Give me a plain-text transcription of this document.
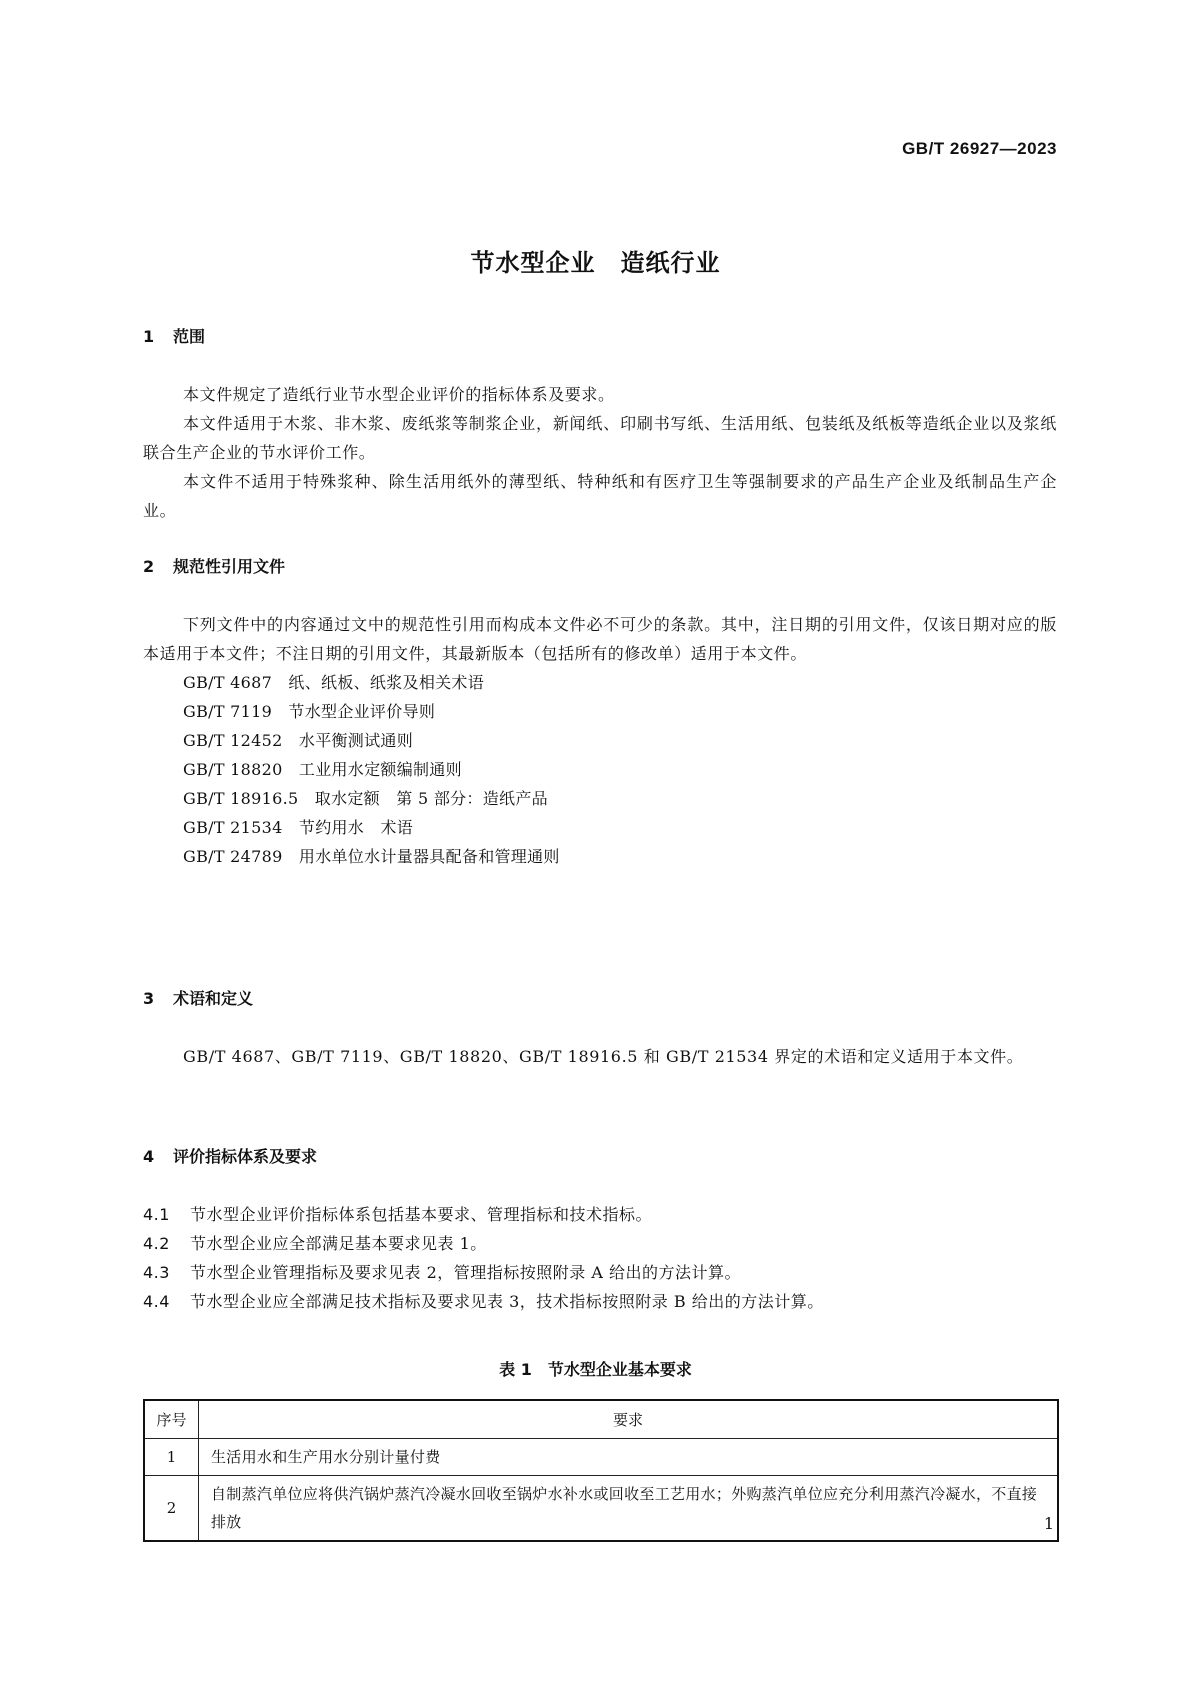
GB/T 26927—2023
节水型企业　造纸行业
1 范围
本文件规定了造纸行业节水型企业评价的指标体系及要求。
本文件适用于木浆、非木浆、废纸浆等制浆企业，新闻纸、印刷书写纸、生活用纸、包装纸及纸板等造纸企业以及浆纸联合生产企业的节水评价工作。
本文件不适用于特殊浆种、除生活用纸外的薄型纸、特种纸和有医疗卫生等强制要求的产品生产企业及纸制品生产企业。
2 规范性引用文件
下列文件中的内容通过文中的规范性引用而构成本文件必不可少的条款。其中，注日期的引用文件，仅该日期对应的版本适用于本文件；不注日期的引用文件，其最新版本（包括所有的修改单）适用于本文件。
GB/T 4687　 纸、纸板、纸浆及相关术语
GB/T 7119　 节水型企业评价导则
GB/T 12452　 水平衡测试通则
GB/T 18820　 工业用水定额编制通则
GB/T 18916.5　 取水定额　第 5 部分：造纸产品
GB/T 21534　 节约用水　术语
GB/T 24789　 用水单位水计量器具配备和管理通则
3 术语和定义
GB/T 4687、GB/T 7119、GB/T 18820、GB/T 18916.5 和 GB/T 21534 界定的术语和定义适用于本文件。
4 评价指标体系及要求
4.1 节水型企业评价指标体系包括基本要求、管理指标和技术指标。
4.2 节水型企业应全部满足基本要求见表 1。
4.3 节水型企业管理指标及要求见表 2，管理指标按照附录 A 给出的方法计算。
4.4 节水型企业应全部满足技术指标及要求见表 3，技术指标按照附录 B 给出的方法计算。
表 1　节水型企业基本要求
序号	要求
1	生活用水和生产用水分别计量付费
2	自制蒸汽单位应将供汽锅炉蒸汽冷凝水回收至锅炉水补水或回收至工艺用水；外购蒸汽单位应充分利用蒸汽冷凝水，不直接排放	1
